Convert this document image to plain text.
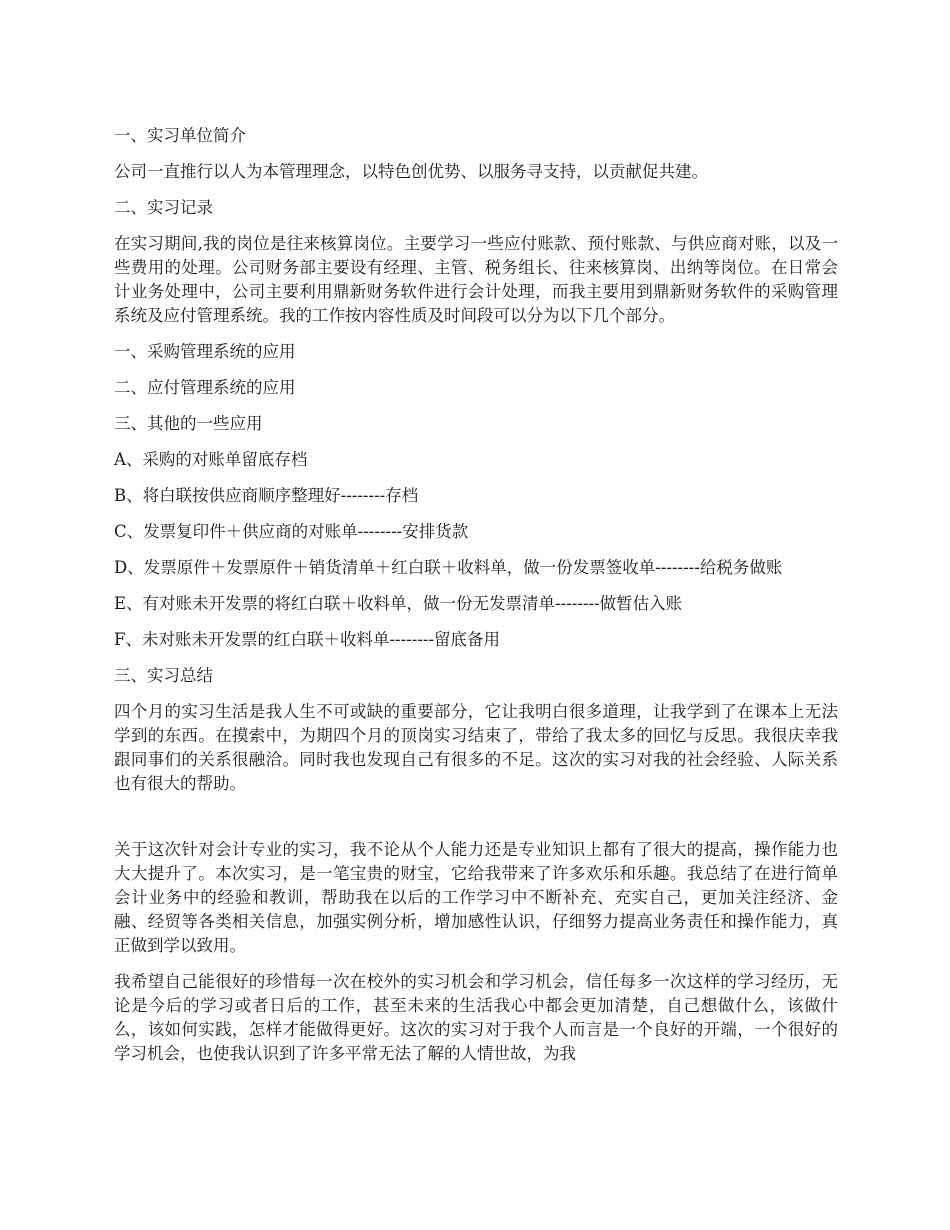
一、实习单位简介

公司一直推行以人为本管理理念，以特色创优势、以服务寻支持，以贡献促共建。

二、实习记录

在实习期间,我的岗位是往来核算岗位。主要学习一些应付账款、预付账款、与供应商对账，以及一些费用的处理。公司财务部主要设有经理、主管、税务组长、往来核算岗、出纳等岗位。在日常会计业务处理中，公司主要利用鼎新财务软件进行会计处理，而我主要用到鼎新财务软件的采购管理系统及应付管理系统。我的工作按内容性质及时间段可以分为以下几个部分。

一、采购管理系统的应用

二、应付管理系统的应用

三、其他的一些应用

A、采购的对账单留底存档

B、将白联按供应商顺序整理好--------存档

C、发票复印件＋供应商的对账单--------安排货款

D、发票原件＋发票原件＋销货清单＋红白联＋收料单，做一份发票签收单--------给税务做账

E、有对账未开发票的将红白联＋收料单，做一份无发票清单--------做暂估入账

F、未对账未开发票的红白联＋收料单--------留底备用

三、实习总结

四个月的实习生活是我人生不可或缺的重要部分，它让我明白很多道理，让我学到了在课本上无法学到的东西。在摸索中，为期四个月的顶岗实习结束了，带给了我太多的回忆与反思。我很庆幸我跟同事们的关系很融洽。同时我也发现自己有很多的不足。这次的实习对我的社会经验、人际关系也有很大的帮助。

关于这次针对会计专业的实习，我不论从个人能力还是专业知识上都有了很大的提高，操作能力也大大提升了。本次实习，是一笔宝贵的财宝，它给我带来了许多欢乐和乐趣。我总结了在进行简单会计业务中的经验和教训，帮助我在以后的工作学习中不断补充、充实自己，更加关注经济、金融、经贸等各类相关信息，加强实例分析，增加感性认识，仔细努力提高业务责任和操作能力，真正做到学以致用。

我希望自己能很好的珍惜每一次在校外的实习机会和学习机会，信任每多一次这样的学习经历，无论是今后的学习或者日后的工作，甚至未来的生活我心中都会更加清楚，自己想做什么，该做什么，该如何实践，怎样才能做得更好。这次的实习对于我个人而言是一个良好的开端，一个很好的学习机会，也使我认识到了许多平常无法了解的人情世故，为我
